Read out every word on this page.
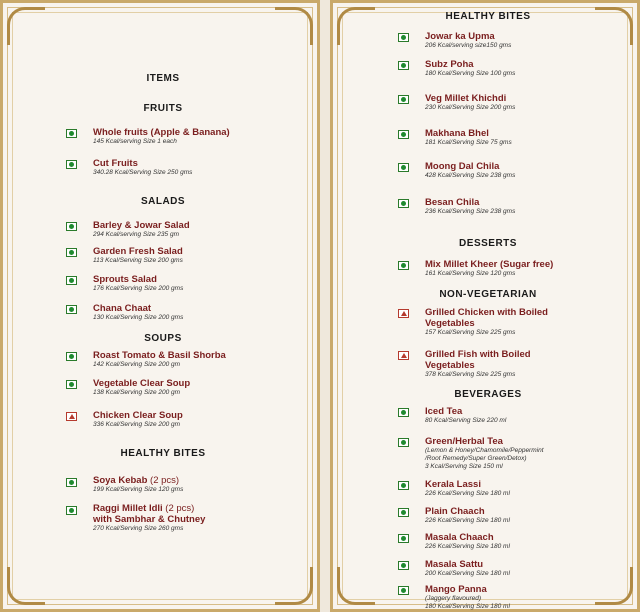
ITEMS
FRUITS
Whole fruits (Apple & Banana)
145 Kcal/serving Size 1 each
Cut Fruits
340.28 Kcal/Serving Size 250 gms
SALADS
Barley & Jowar Salad
294 Kcal/serving Size 235 gm
Garden Fresh Salad
113 Kcal/Serving Size 200 gms
Sprouts Salad
176 Kcal/Serving Size 200 gms
Chana Chaat
130 Kcal/Serving Size 200 gms
SOUPS
Roast Tomato & Basil Shorba
142 Kcal/Serving Size 200 gm
Vegetable Clear Soup
138 Kcal/Serving Size 200 gm
Chicken Clear Soup
336 Kcal/Serving Size 200 gm
HEALTHY BITES
Soya Kebab (2 pcs)
199 Kcal/Serving Size 120 gms
Raggi Millet Idli (2 pcs)
with Sambhar & Chutney
270 Kcal/Serving Size 260 gms
HEALTHY BITES
Jowar ka Upma
206 Kcal/serving size150 gms
Subz Poha
180 Kcal/Serving Size 100 gms
Veg Millet Khichdi
230 Kcal/Serving Size 200 gms
Makhana Bhel
181 Kcal/Serving Size 75 gms
Moong Dal Chila
428 Kcal/Serving Size 238 gms
Besan Chila
236 Kcal/Serving Size 238 gms
DESSERTS
Mix Millet Kheer (Sugar free)
161 Kcal/Serving Size 120 gms
NON-VEGETARIAN
Grilled Chicken with Boiled
Vegetables
157 Kcal/Serving Size 225 gms
Grilled Fish with Boiled
Vegetables
378 Kcal/Serving Size 225 gms
BEVERAGES
Iced Tea
80 Kcal/Serving Size 220 ml
Green/Herbal Tea
(Lemon & Honey/Chamomile/Peppermint
/Root Remedy/Super Green/Detox)
3 Kcal/Serving Size 150 ml
Kerala Lassi
226 Kcal/Serving Size 180 ml
Plain Chaach
226 Kcal/Serving Size 180 ml
Masala Chaach
226 Kcal/Serving Size 180 ml
Masala Sattu
200 Kcal/Serving Size 180 ml
Mango Panna
(Jaggery flavoured)
180 Kcal/Serving Size 180 ml
